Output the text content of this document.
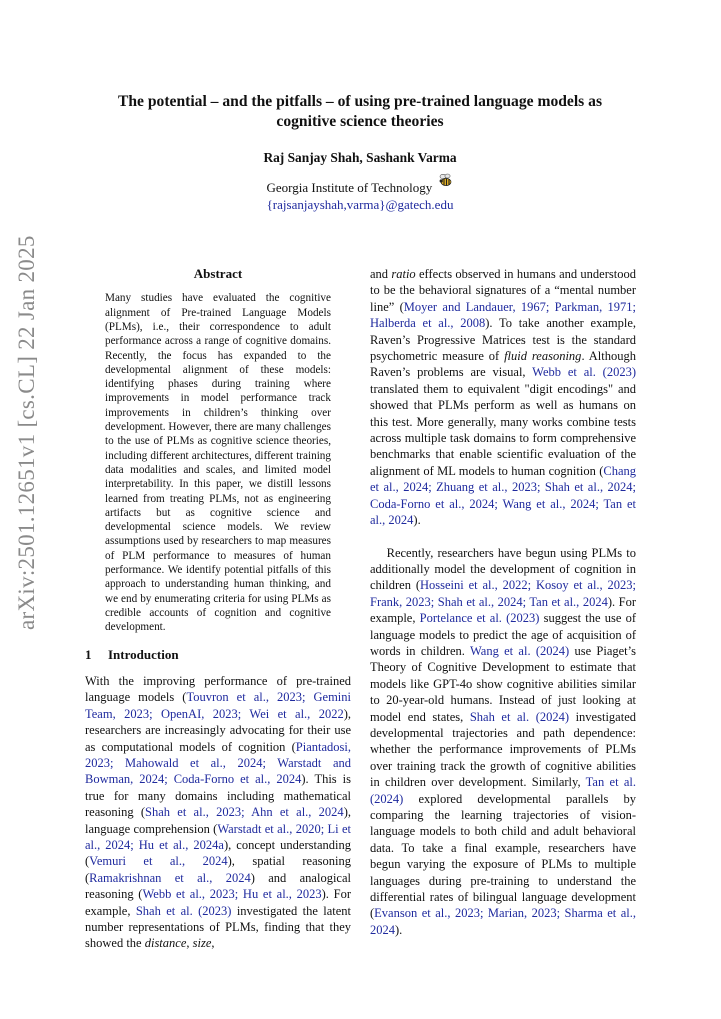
arXiv:2501.12651v1 [cs.CL] 22 Jan 2025
The potential – and the pitfalls – of using pre-trained language models as
cognitive science theories
Raj Sanjay Shah, Sashank Varma
Georgia Institute of Technology
{rajsanjayshah,varma}@gatech.edu
Abstract
Many studies have evaluated the cognitive alignment of Pre-trained Language Models (PLMs), i.e., their correspondence to adult performance across a range of cognitive domains. Recently, the focus has expanded to the developmental alignment of these models: identifying phases during training where improvements in model performance track improvements in children’s thinking over development. However, there are many challenges to the use of PLMs as cognitive science theories, including different architectures, different training data modalities and scales, and limited model interpretability. In this paper, we distill lessons learned from treating PLMs, not as engineering artifacts but as cognitive science and developmental science models. We review assumptions used by researchers to map measures of PLM performance to measures of human performance. We identify potential pitfalls of this approach to understanding human thinking, and we end by enumerating criteria for using PLMs as credible accounts of cognition and cognitive development.
1 Introduction
With the improving performance of pre-trained language models (Touvron et al., 2023; Gemini Team, 2023; OpenAI, 2023; Wei et al., 2022), researchers are increasingly advocating for their use as computational models of cognition (Piantadosi, 2023; Mahowald et al., 2024; Warstadt and Bowman, 2024; Coda-Forno et al., 2024). This is true for many domains including mathematical reasoning (Shah et al., 2023; Ahn et al., 2024), language comprehension (Warstadt et al., 2020; Li et al., 2024; Hu et al., 2024a), concept understanding (Vemuri et al., 2024), spatial reasoning (Ramakrishnan et al., 2024) and analogical reasoning (Webb et al., 2023; Hu et al., 2023). For example, Shah et al. (2023) investigated the latent number representations of PLMs, finding that they showed the distance, size,
and ratio effects observed in humans and understood to be the behavioral signatures of a “mental number line” (Moyer and Landauer, 1967; Parkman, 1971; Halberda et al., 2008). To take another example, Raven’s Progressive Matrices test is the standard psychometric measure of fluid reasoning. Although Raven’s problems are visual, Webb et al. (2023) translated them to equivalent "digit encodings" and showed that PLMs perform as well as humans on this test. More generally, many works combine tests across multiple task domains to form comprehensive benchmarks that enable scientific evaluation of the alignment of ML models to human cognition (Chang et al., 2024; Zhuang et al., 2023; Shah et al., 2024; Coda-Forno et al., 2024; Wang et al., 2024; Tan et al., 2024).
Recently, researchers have begun using PLMs to additionally model the development of cognition in children (Hosseini et al., 2022; Kosoy et al., 2023; Frank, 2023; Shah et al., 2024; Tan et al., 2024). For example, Portelance et al. (2023) suggest the use of language models to predict the age of acquisition of words in children. Wang et al. (2024) use Piaget’s Theory of Cognitive Development to estimate that models like GPT-4o show cognitive abilities similar to 20-year-old humans. Instead of just looking at model end states, Shah et al. (2024) investigated developmental trajectories and path dependence: whether the performance improvements of PLMs over training track the growth of cognitive abilities in children over development. Similarly, Tan et al. (2024) explored developmental parallels by comparing the learning trajectories of vision-language models to both child and adult behavioral data. To take a final example, researchers have begun varying the exposure of PLMs to multiple languages during pre-training to understand the differential rates of bilingual language development (Evanson et al., 2023; Marian, 2023; Sharma et al., 2024).
